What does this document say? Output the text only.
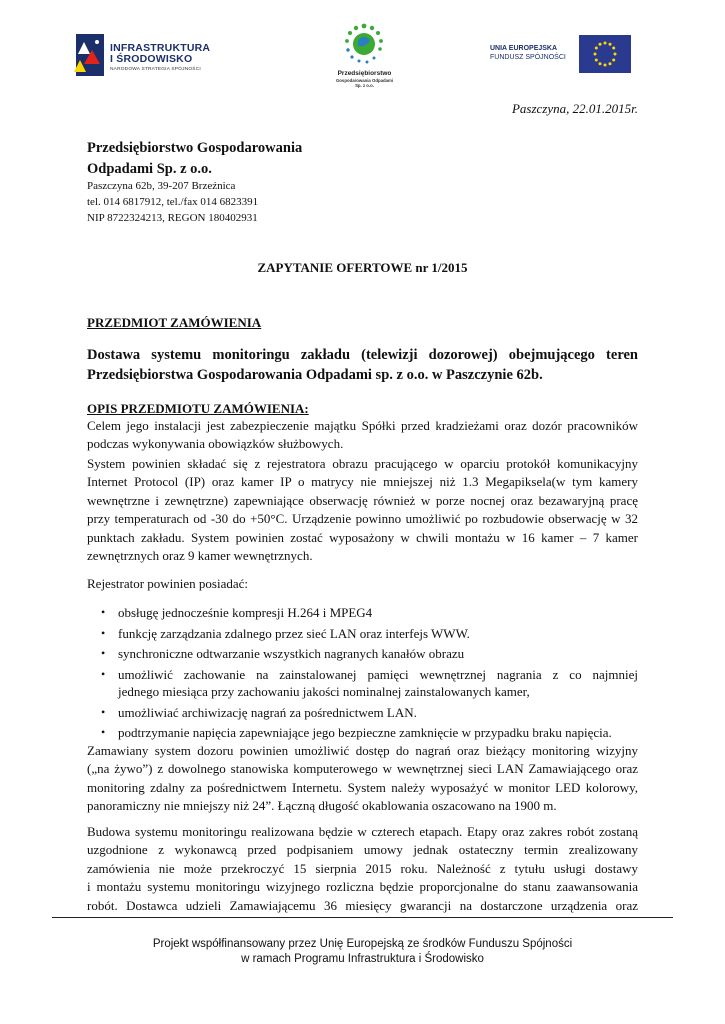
INFRASTRUKTURA
I ŚRODOWISKO
NARODOWA STRATEGIA SPÓJNOŚCI
Przedsiębiorstwo
Gospodarowania Odpadami
Sp. z o.o.
UNIA EUROPEJSKA
FUNDUSZ SPÓJNOŚCI
Paszczyna, 22.01.2015r.
Przedsiębiorstwo Gospodarowania
Odpadami Sp. z o.o.
Paszczyna 62b, 39-207 Brzeźnica
tel. 014 6817912, tel./fax 014 6823391
NIP 8722324213, REGON 180402931
ZAPYTANIE OFERTOWE nr 1/2015
PRZEDMIOT ZAMÓWIENIA
Dostawa systemu monitoringu zakładu (telewizji dozorowej) obejmującego teren
Przedsiębiorstwa Gospodarowania Odpadami sp. z o.o. w Paszczynie 62b.
OPIS PRZEDMIOTU ZAMÓWIENIA:
Celem jego instalacji jest zabezpieczenie majątku Spółki przed kradzieżami oraz dozór pracowników
podczas wykonywania obowiązków służbowych.
System powinien składać się z rejestratora obrazu pracującego w oparciu protokół komunikacyjny
Internet Protocol (IP) oraz kamer IP o matrycy nie mniejszej niż 1.3 Megapiksela(w tym kamery
wewnętrzne i zewnętrzne) zapewniające obserwację również w porze nocnej oraz bezawaryjną pracę
przy temperaturach od -30 do +50°C. Urządzenie powinno umożliwić po rozbudowie obserwację w 32
punktach zakładu. System powinien zostać wyposażony w chwili montażu w 16 kamer – 7 kamer
zewnętrznych oraz 9 kamer wewnętrznych.
Rejestrator powinien posiadać:
• obsługę jednocześnie kompresji H.264 i MPEG4
• funkcję zarządzania zdalnego przez sieć LAN oraz interfejs WWW.
• synchroniczne odtwarzanie wszystkich nagranych kanałów obrazu
• umożliwić zachowanie na zainstalowanej pamięci wewnętrznej nagrania z co najmniej
jednego miesiąca przy zachowaniu jakości nominalnej zainstalowanych kamer,
• umożliwiać archiwizację nagrań za pośrednictwem LAN.
• podtrzymanie napięcia zapewniające jego bezpieczne zamknięcie w przypadku braku napięcia.
Zamawiany system dozoru powinien umożliwić dostęp do nagrań oraz bieżący monitoring wizyjny
(„na żywo”) z dowolnego stanowiska komputerowego w wewnętrznej sieci LAN Zamawiającego oraz
monitoring zdalny za pośrednictwem Internetu. System należy wyposażyć w monitor LED kolorowy,
panoramiczny nie mniejszy niż 24”. Łączną długość okablowania oszacowano na 1900 m.
Budowa systemu monitoringu realizowana będzie w czterech etapach. Etapy oraz zakres robót zostaną
uzgodnione z wykonawcą przed podpisaniem umowy jednak ostateczny termin zrealizowany
zamówienia nie może przekroczyć 15 sierpnia 2015 roku. Należność z tytułu usługi dostawy
i montażu systemu monitoringu wizyjnego rozliczna będzie proporcjonalne do stanu zaawansowania
robót. Dostawca udzieli Zamawiającemu 36 miesięcy gwarancji na dostarczone urządzenia oraz
Projekt współfinansowany przez Unię Europejską ze środków Funduszu Spójności
w ramach Programu Infrastruktura i Środowisko
